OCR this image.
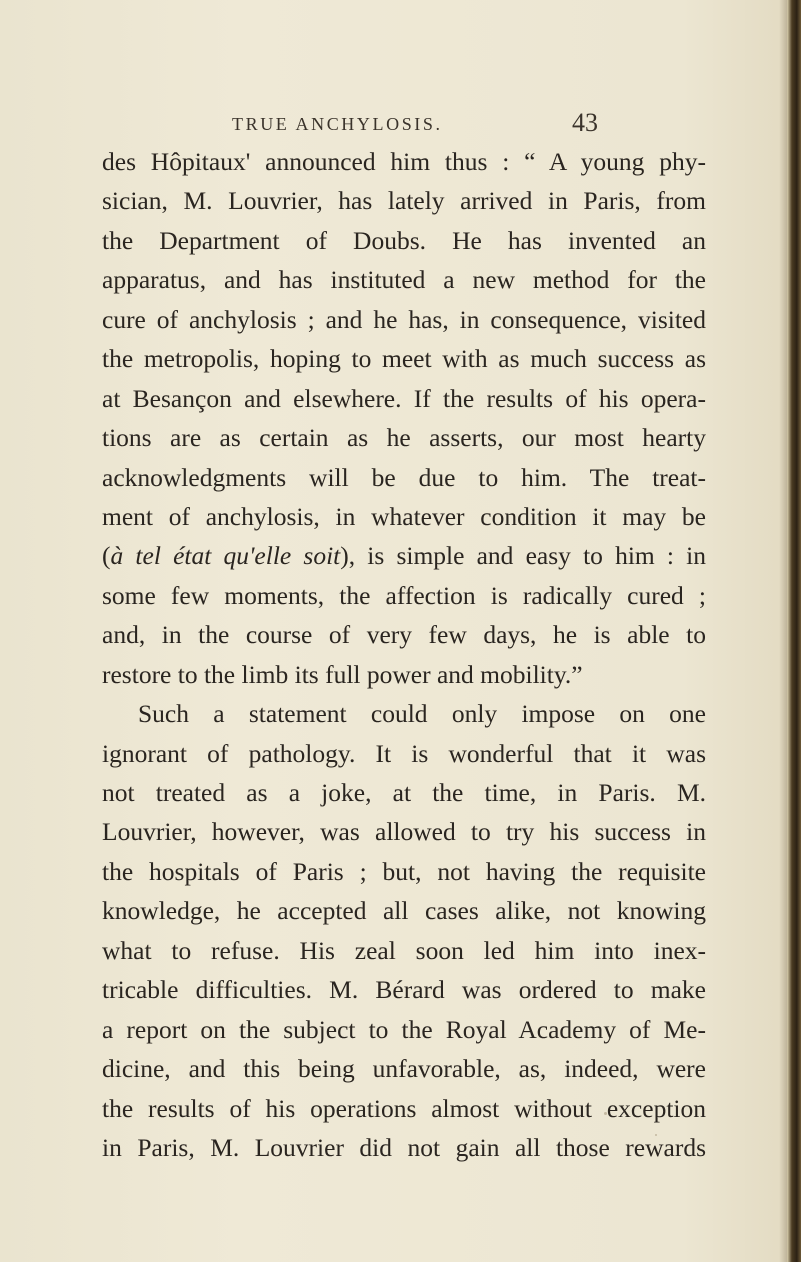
TRUE ANCHYLOSIS.	43
des Hôpitaux' announced him thus : “ A young phy-
sician, M. Louvrier, has lately arrived in Paris, from
the Department of Doubs. He has invented an
apparatus, and has instituted a new method for the
cure of anchylosis ; and he has, in consequence, visited
the metropolis, hoping to meet with as much success as
at Besançon and elsewhere. If the results of his opera-
tions are as certain as he asserts, our most hearty
acknowledgments will be due to him. The treat-
ment of anchylosis, in whatever condition it may be
(à tel état qu'elle soit), is simple and easy to him : in
some few moments, the affection is radically cured ;
and, in the course of very few days, he is able to
restore to the limb its full power and mobility.”
Such a statement could only impose on one
ignorant of pathology. It is wonderful that it was
not treated as a joke, at the time, in Paris. M.
Louvrier, however, was allowed to try his success in
the hospitals of Paris ; but, not having the requisite
knowledge, he accepted all cases alike, not knowing
what to refuse. His zeal soon led him into inex-
tricable difficulties. M. Bérard was ordered to make
a report on the subject to the Royal Academy of Me-
dicine, and this being unfavorable, as, indeed, were
the results of his operations almost without exception
in Paris, M. Louvrier did not gain all those rewards
